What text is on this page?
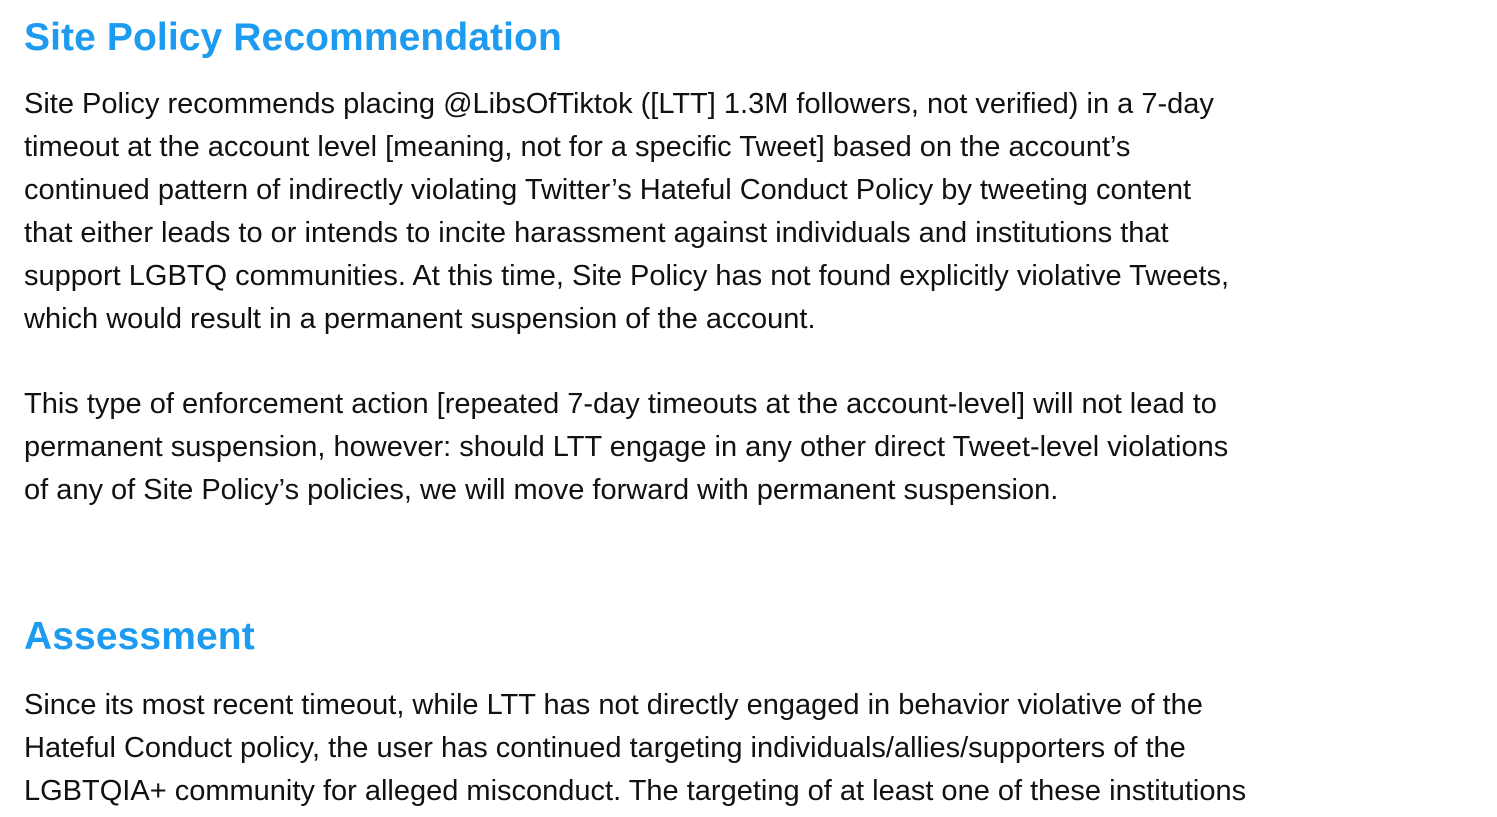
Site Policy Recommendation

Site Policy recommends placing @LibsOfTiktok ([LTT] 1.3M followers, not verified) in a 7-day
timeout at the account level [meaning, not for a specific Tweet] based on the account’s
continued pattern of indirectly violating Twitter’s Hateful Conduct Policy by tweeting content
that either leads to or intends to incite harassment against individuals and institutions that
support LGBTQ communities. At this time, Site Policy has not found explicitly violative Tweets,
which would result in a permanent suspension of the account.

This type of enforcement action [repeated 7-day timeouts at the account-level] will not lead to
permanent suspension, however: should LTT engage in any other direct Tweet-level violations
of any of Site Policy’s policies, we will move forward with permanent suspension.

Assessment

Since its most recent timeout, while LTT has not directly engaged in behavior violative of the
Hateful Conduct policy, the user has continued targeting individuals/allies/supporters of the
LGBTQIA+ community for alleged misconduct. The targeting of at least one of these institutions
